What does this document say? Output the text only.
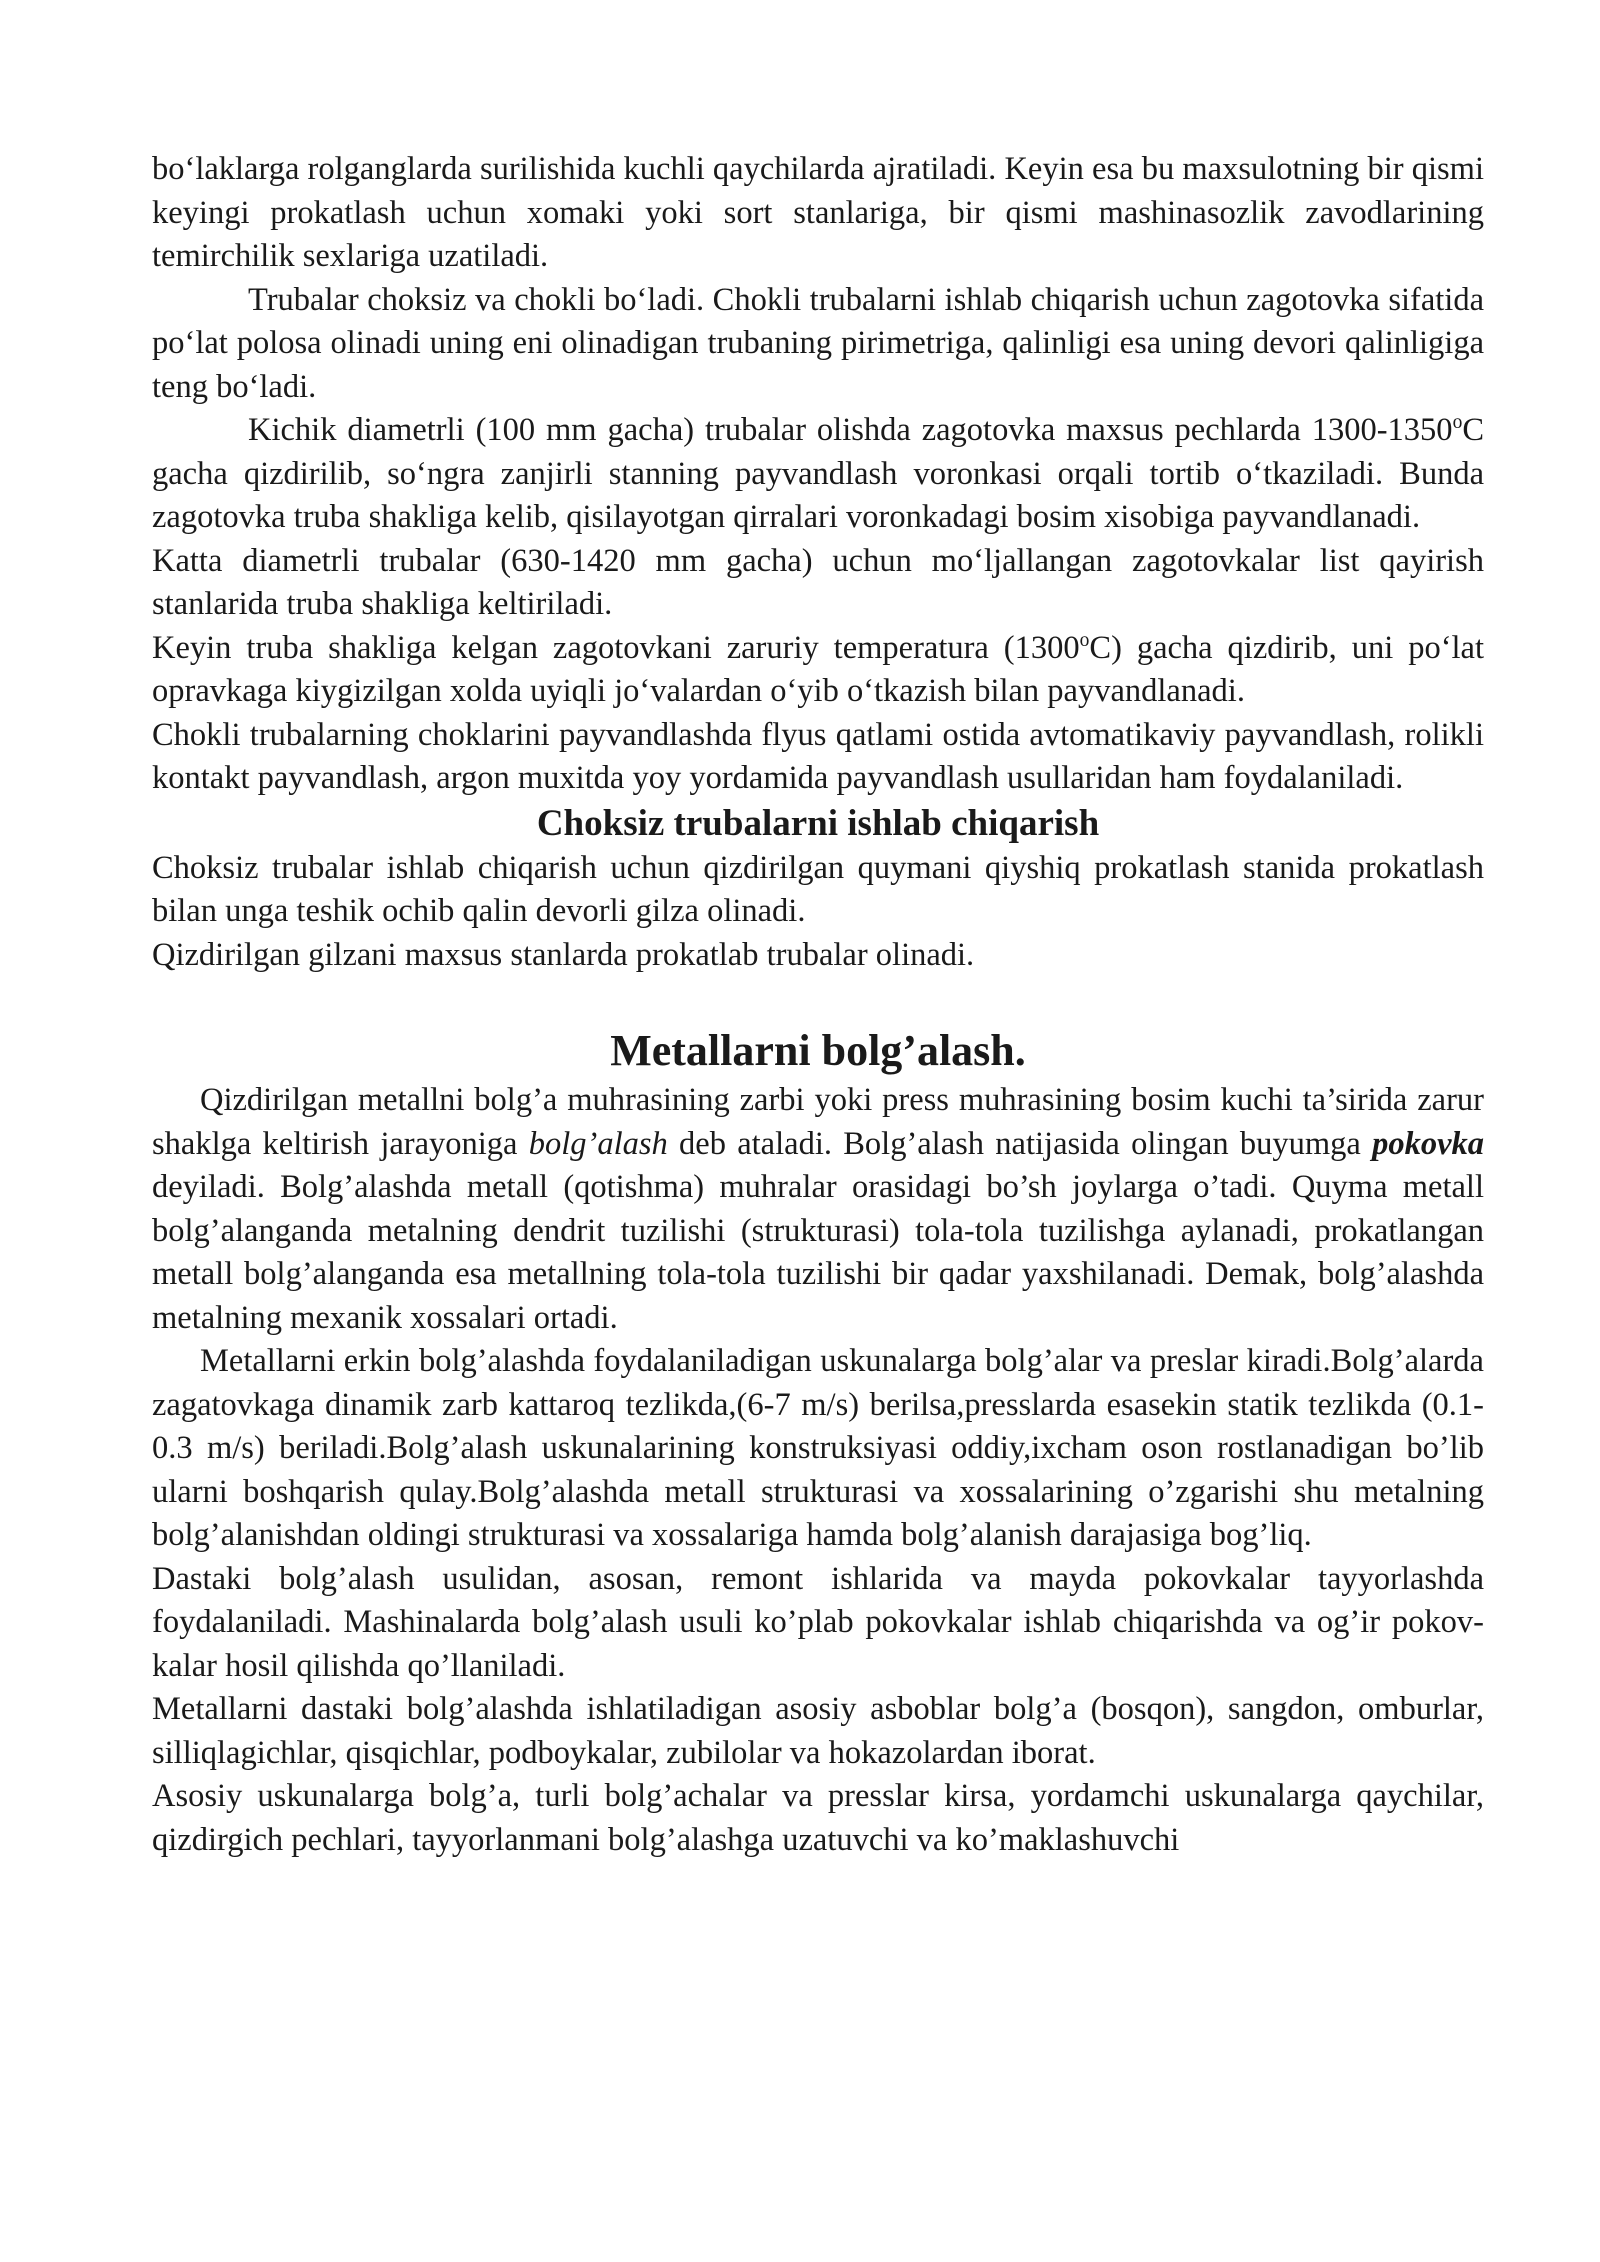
bo‘laklarga rolganglarda surilishida kuchli qaychilarda ajratiladi. Keyin esa bu maxsulotning bir qismi keyingi prokatlash uchun xomaki yoki sort stanlariga, bir qismi mashinasozlik zavodlarining temirchilik sexlariga uzatiladi.

Trubalar choksiz va chokli bo‘ladi. Chokli trubalarni ishlab chiqarish uchun zagotovka sifatida po‘lat polosa olinadi uning eni olinadigan trubaning pirimetriga, qalinligi esa uning devori qalinligiga teng bo‘ladi.

Kichik diametrli (100 mm gacha) trubalar olishda zagotovka maxsus pechlarda 1300-1350$^o$C gacha qizdirilib, so‘ngra zanjirli stanning payvandlash voronkasi orqali tortib o‘tkaziladi. Bunda zagotovka truba shakliga kelib, qisilayotgan qirralari voronkadagi bosim xisobiga payvandlanadi.

Katta diametrli trubalar (630-1420 mm gacha) uchun mo‘ljallangan zagotovkalar list qayirish stanlarida truba shakliga keltiriladi.

Keyin truba shakliga kelgan zagotovkani zaruriy temperatura (1300$^o$C) gacha qizdirib, uni po‘lat opravkaga kiygizilgan xolda uyiqli jo‘valardan o‘yib o‘tkazish bilan payvandlanadi.

Chokli trubalarning choklarini payvandlashda flyus qatlami ostida avtomatikaviy payvandlash, rolikli kontakt payvandlash, argon muxitda yoy yordamida payvandlash usullaridan ham foydalaniladi.

Choksiz trubalarni ishlab chiqarish

Choksiz trubalar ishlab chiqarish uchun qizdirilgan quymani qiyshiq prokatlash stanida prokatlash bilan unga teshik ochib qalin devorli gilza olinadi.

Qizdirilgan gilzani maxsus stanlarda prokatlab trubalar olinadi.

Metallarni bolg’alash.

Qizdirilgan metallni bolg’a muhrasining zarbi yoki press muhrasining bosim kuchi ta’sirida zarur shaklga keltirish jarayoniga bolg’alash deb ataladi. Bolg’alash natijasida olingan buyumga pokovka deyiladi. Bolg’alashda metall (qotishma) muhralar orasidagi bo’sh joylarga o’tadi. Quyma metall bolg’alanganda metalning dendrit tuzilishi (strukturasi) tola-tola tuzilishga aylanadi, prokatlangan metall bolg’alanganda esa metallning tola-tola tuzilishi bir qadar yaxshilanadi. Demak, bolg’alashda metalning mexanik xossalari ortadi.

Metallarni erkin bolg’alashda foydalaniladigan uskunalarga bolg’alar va preslar kiradi.Bolg’alarda zagatovkaga dinamik zarb kattaroq tezlikda,(6-7 m/s) berilsa,presslarda esasekin statik tezlikda (0.1-0.3 m/s) beriladi.Bolg’alash uskunalarining konstruksiyasi oddiy,ixcham oson rostlanadigan bo’lib ularni boshqarish qulay.Bolg’alashda metall strukturasi va xossalarining o’zgarishi shu metalning bolg’alanishdan oldingi strukturasi va xossalariga hamda bolg’alanish darajasiga bog’liq.

Dastaki bolg’alash usulidan, asosan, remont ishlarida va mayda pokovkalar tayyorlashda foydalaniladi. Mashinalarda bolg’alash usuli ko’plab pokovkalar ishlab chiqarishda va og’ir pokov-kalar hosil qilishda qo’llaniladi.

Metallarni dastaki bolg’alashda ishlatiladigan asosiy asboblar bolg’a (bosqon), sangdon, omburlar, silliqlagichlar, qisqichlar, podboykalar, zubilolar va hokazolardan iborat.

Asosiy uskunalarga bolg’a, turli bolg’achalar va presslar kirsa, yordamchi uskunalarga qaychilar, qizdirgich pechlari, tayyorlanmani bolg’alashga uzatuvchi va ko’maklashuvchi
